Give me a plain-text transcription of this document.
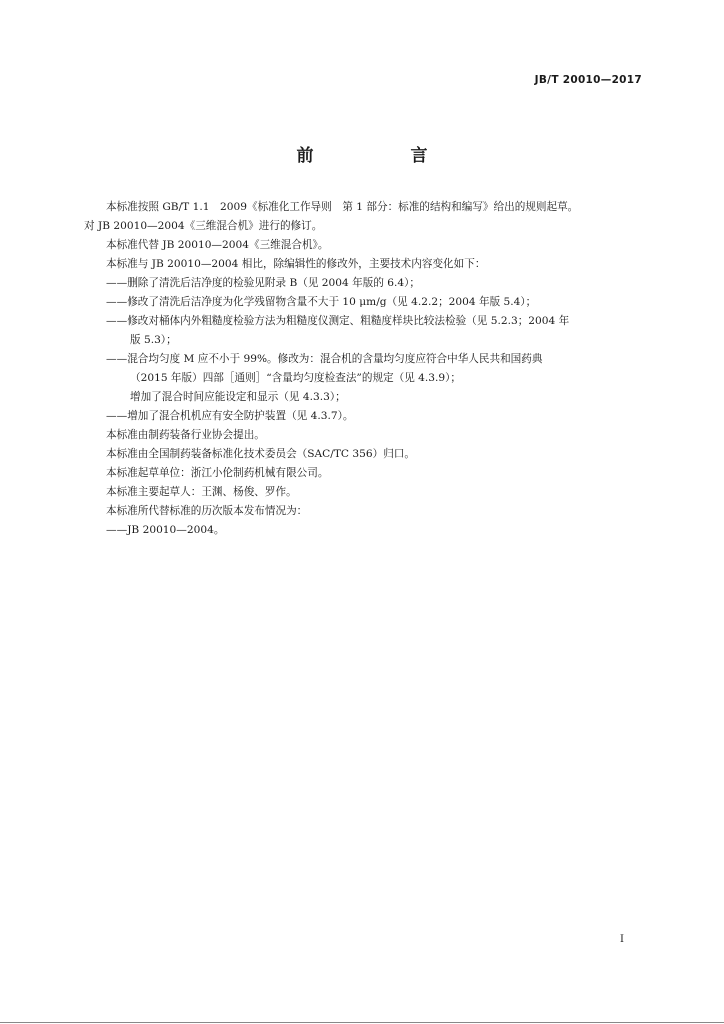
JB/T 20010—2017
前　言

本标准按照 GB/T 1.1　2009《标准化工作导则　第 1 部分：标准的结构和编写》给出的规则起草。

对 JB 20010—2004《三维混合机》进行的修订。

本标准代替 JB 20010—2004《三维混合机》。

本标准与 JB 20010—2004 相比，除编辑性的修改外，主要技术内容变化如下：

——删除了清洗后洁净度的检验见附录 B（见 2004 年版的 6.4）；

——修改了清洗后洁净度为化学残留物含量不大于 10 μm/g（见 4.2.2；2004 年版 5.4）；

——修改对桶体内外粗糙度检验方法为粗糙度仪测定、粗糙度样块比较法检验（见 5.2.3；2004 年

版 5.3）；

——混合均匀度 M 应不小于 99%。修改为：混合机的含量均匀度应符合中华人民共和国药典

（2015 年版）四部［通则］“含量均匀度检查法”的规定（见 4.3.9）；

增加了混合时间应能设定和显示（见 4.3.3）；

——增加了混合机机应有安全防护装置（见 4.3.7）。

本标准由制药装备行业协会提出。

本标准由全国制药装备标准化技术委员会（SAC/TC 356）归口。

本标准起草单位：浙江小伦制药机械有限公司。

本标准主要起草人：王渊、杨俊、罗作。

本标准所代替标准的历次版本发布情况为：

——JB 20010—2004。

I
